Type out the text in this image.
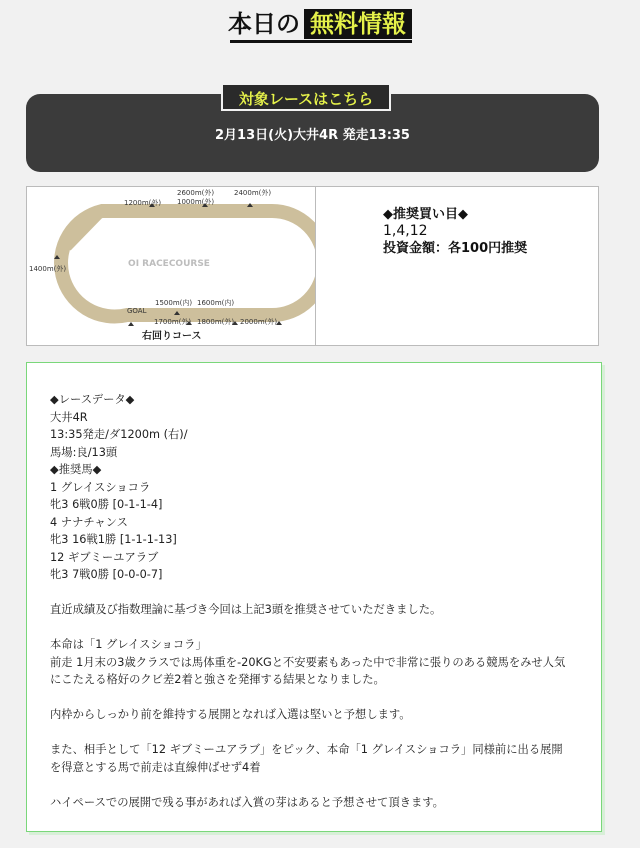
本日の 無料情報
対象レースはこちら
2月13日(火)大井4R 発走13:35
1200m(外)
2600m(外)
1000m(外)
2400m(外)
1400m(外)
1500m(内) 1600m(内)
1700m(外) 1800m(外) 2000m(外)
GOAL
OI RACECOURSE
右回りコース
◆推奨買い目◆
1,4,12
投資金額：各100円推奨
◆レースデータ◆
大井4R
13:35発走/ダ1200m (右)/
馬場:良/13頭
◆推奨馬◆
1 グレイスショコラ
牝3 6戦0勝 [0-1-1-4]
4 ナナチャンス
牝3 16戦1勝 [1-1-1-13]
12 ギブミーユアラブ
牝3 7戦0勝 [0-0-0-7]
直近成績及び指数理論に基づき今回は上記3頭を推奨させていただきました。
本命は「1 グレイスショコラ」
前走 1月末の3歳クラスでは馬体重を-20KGと不安要素もあった中で非常に張りのある競馬をみせ人気
にこたえる格好のクビ差2着と強さを発揮する結果となりました。
内枠からしっかり前を維持する展開となれば入選は堅いと予想します。
また、相手として「12 ギブミーユアラブ」をピック、本命「1 グレイスショコラ」同様前に出る展開
を得意とする馬で前走は直線伸ばせず4着
ハイペースでの展開で残る事があれば入賞の芽はあると予想させて頂きます。
